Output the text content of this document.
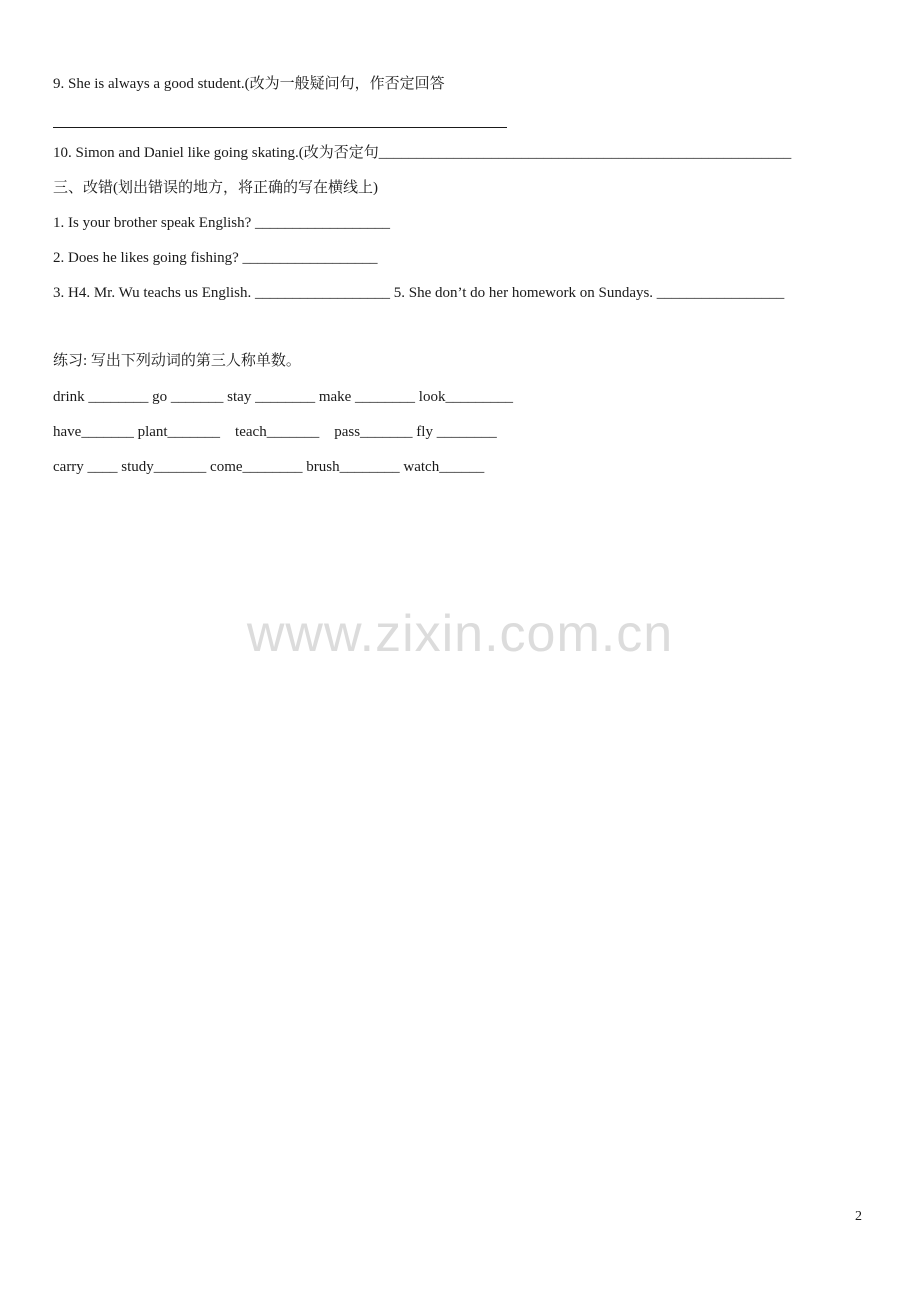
9. She is always a good student.(改为一般疑问句，作否定回答
10. Simon and Daniel like going skating.(改为否定句_______________________________________________________
三、改错(划出错误的地方，将正确的写在横线上)
1. Is your brother speak English? __________________
2. Does he likes going fishing? __________________
3. H4. Mr. Wu teachs us English. __________________ 5. She don’t do her homework on Sundays. _________________
练习: 写出下列动词的第三人称单数。
drink ________ go _______ stay ________ make ________ look_________
have_______ plant_______    teach_______    pass_______ fly ________
carry ____ study_______ come________ brush________ watch______
www.zixin.com.cn
2
